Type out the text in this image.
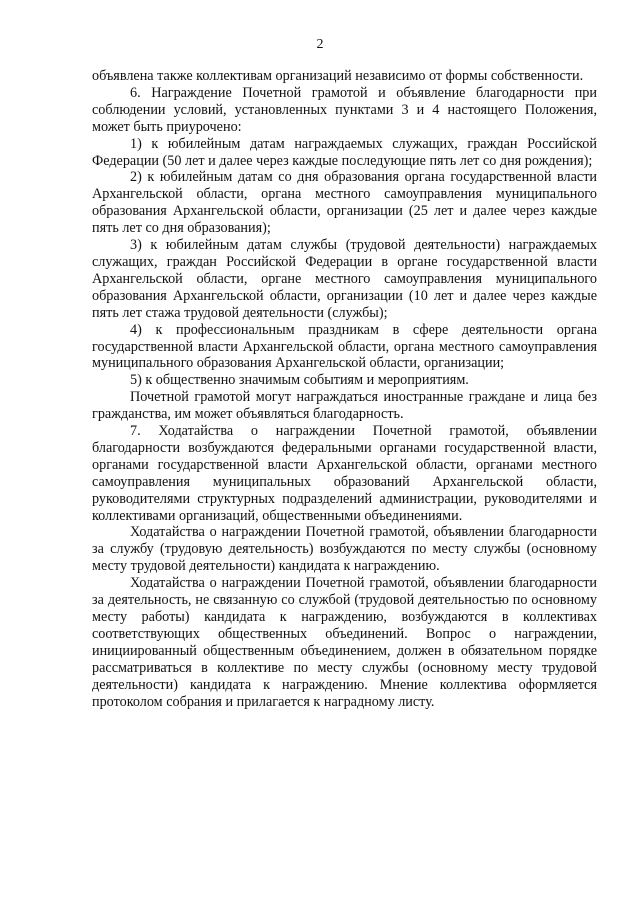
2

объявлена также коллективам организаций независимо от формы собственности.

6. Награждение Почетной грамотой и объявление благодарности при соблюдении условий, установленных пунктами 3 и 4 настоящего Положения, может быть приурочено:

1) к юбилейным датам награждаемых служащих, граждан Российской Федерации (50 лет и далее через каждые последующие пять лет со дня рождения);

2) к юбилейным датам со дня образования органа государственной власти Архангельской области, органа местного самоуправления муниципального образования Архангельской области, организации (25 лет и далее через каждые пять лет со дня образования);

3) к юбилейным датам службы (трудовой деятельности) награждаемых служащих, граждан Российской Федерации в органе государственной власти Архангельской области, органе местного самоуправления муниципального образования Архангельской области, организации (10 лет и далее через каждые пять лет стажа трудовой деятельности (службы);

4) к профессиональным праздникам в сфере деятельности органа государственной власти Архангельской области, органа местного самоуправления муниципального образования Архангельской области, организации;

5) к общественно значимым событиям и мероприятиям.

Почетной грамотой могут награждаться иностранные граждане и лица без гражданства, им может объявляться благодарность.

7. Ходатайства о награждении Почетной грамотой, объявлении благодарности возбуждаются федеральными органами государственной власти, органами государственной власти Архангельской области, органами местного самоуправления муниципальных образований Архангельской области, руководителями структурных подразделений администрации, руководителями и коллективами организаций, общественными объединениями.

Ходатайства о награждении Почетной грамотой, объявлении благодарности за службу (трудовую деятельность) возбуждаются по месту службы (основному месту трудовой деятельности) кандидата к награждению.

Ходатайства о награждении Почетной грамотой, объявлении благодарности за деятельность, не связанную со службой (трудовой деятельностью по основному месту работы) кандидата к награждению, возбуждаются в коллективах соответствующих общественных объединений. Вопрос о награждении, инициированный общественным объединением, должен в обязательном порядке рассматриваться в коллективе по месту службы (основному месту трудовой деятельности) кандидата к награждению. Мнение коллектива оформляется протоколом собрания и прилагается к наградному листу.
